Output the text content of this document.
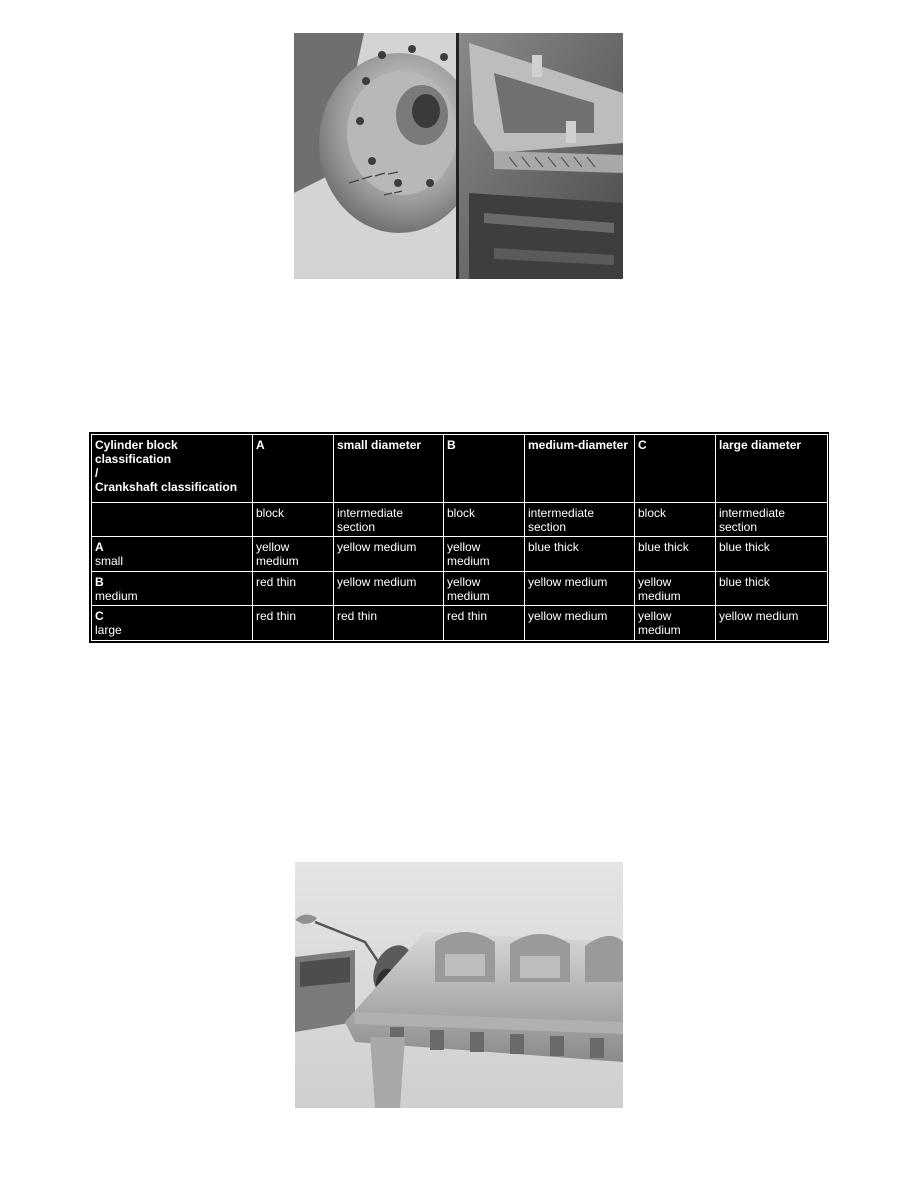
Cylinder block
classification
/
Crankshaft classification	A	small diameter	B	medium-diameter	C	large diameter

	block	intermediate section	block	intermediate section	block	intermediate section

A
small	yellow medium	yellow medium	yellow medium	blue thick	blue thick	blue thick

B
medium	red thin	yellow medium	yellow medium	yellow medium	yellow medium	blue thick

C
large	red thin	red thin	red thin	yellow medium	yellow medium	yellow medium
